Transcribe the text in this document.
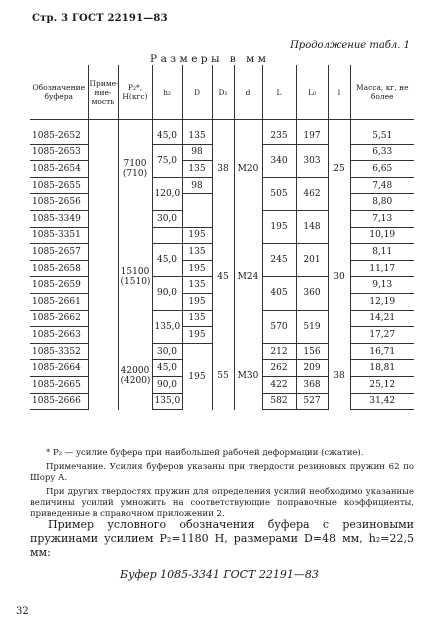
Стр. 3 ГОСТ 22191—83
Продолжение табл. 1
Размеры в мм
Обозначение буфера	Приме-ние-мость	P₂*, Н(кгс)	h₂	D	D₁	d	L	L₀	l	Масса, кг, не более

1085-2652		7100 (710)	45,0	135	38	M20	235	197	25	5,51
1085-2653			75,0	98			340	303		6,33
1085-2654				135						6,65
1085-2655			120,0	98			505	462		7,48
1085-2656										8,80
1085-3349		15100 (1510)	30,0		45	M24	195	148	30	7,13
1085-3351				195						10,19
1085-2657			45,0	135			245	201		8,11
1085-2658				195						11,17
1085-2659			90,0	135			405	360		9,13
1085-2661				195						12,19
1085-2662			135,0	135			570	519		14,21
1085-2663				195						17,27
1085-3352		42000 (4200)	30,0	195	55	M30	212	156	38	16,71
1085-2664			45,0				262	209		18,81
1085-2665			90,0				422	368		25,12
1085-2666			135,0				582	527		31,42

* P₂ — усилие буфера при наибольшей рабочей деформации (сжатие).

Примечание. Усилия буферов указаны при твердости резиновых пружин 62 по Шору А.

При других твердостях пружин для определения усилий необходимо указанные величины усилий умножить на соответствующие поправочные коэффициенты, приведенные в справочном приложении 2.

Пример условного обозначения буфера с резиновыми пружинами усилием P₂=1180 Н, размерами D=48 мм, h₂=22,5 мм:

Буфер 1085-3341 ГОСТ 22191—83
32
